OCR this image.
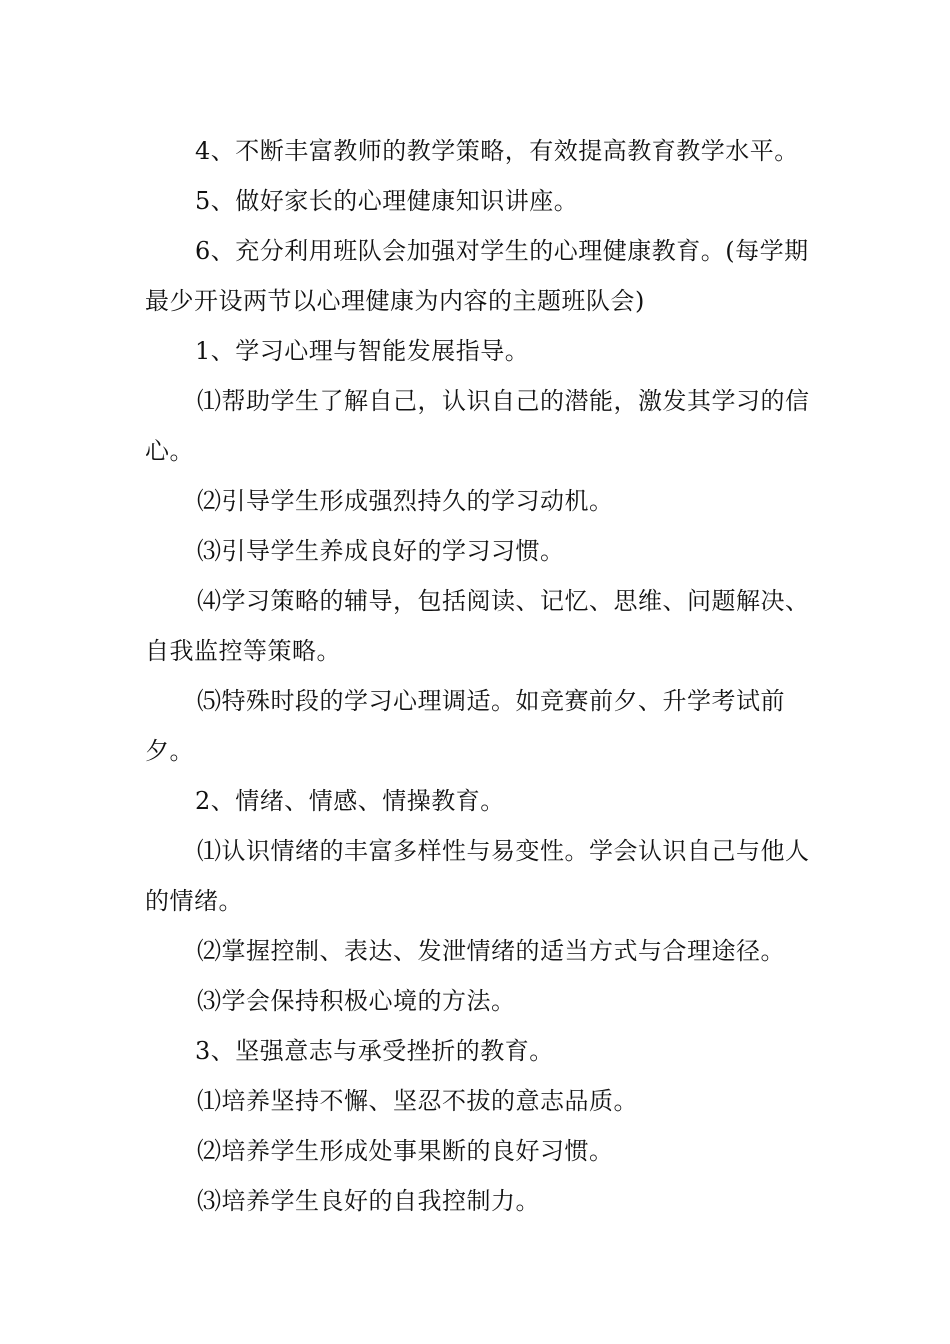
4、不断丰富教师的教学策略，有效提高教育教学水平。

5、做好家长的心理健康知识讲座。

6、充分利用班队会加强对学生的心理健康教育。(每学期最少开设两节以心理健康为内容的主题班队会)

1、学习心理与智能发展指导。

⑴帮助学生了解自己，认识自己的潜能，激发其学习的信心。

⑵引导学生形成强烈持久的学习动机。

⑶引导学生养成良好的学习习惯。

⑷学习策略的辅导，包括阅读、记忆、思维、问题解决、自我监控等策略。

⑸特殊时段的学习心理调适。如竞赛前夕、升学考试前夕。

2、情绪、情感、情操教育。

⑴认识情绪的丰富多样性与易变性。学会认识自己与他人的情绪。

⑵掌握控制、表达、发泄情绪的适当方式与合理途径。

⑶学会保持积极心境的方法。

3、坚强意志与承受挫折的教育。

⑴培养坚持不懈、坚忍不拔的意志品质。

⑵培养学生形成处事果断的良好习惯。

⑶培养学生良好的自我控制力。
